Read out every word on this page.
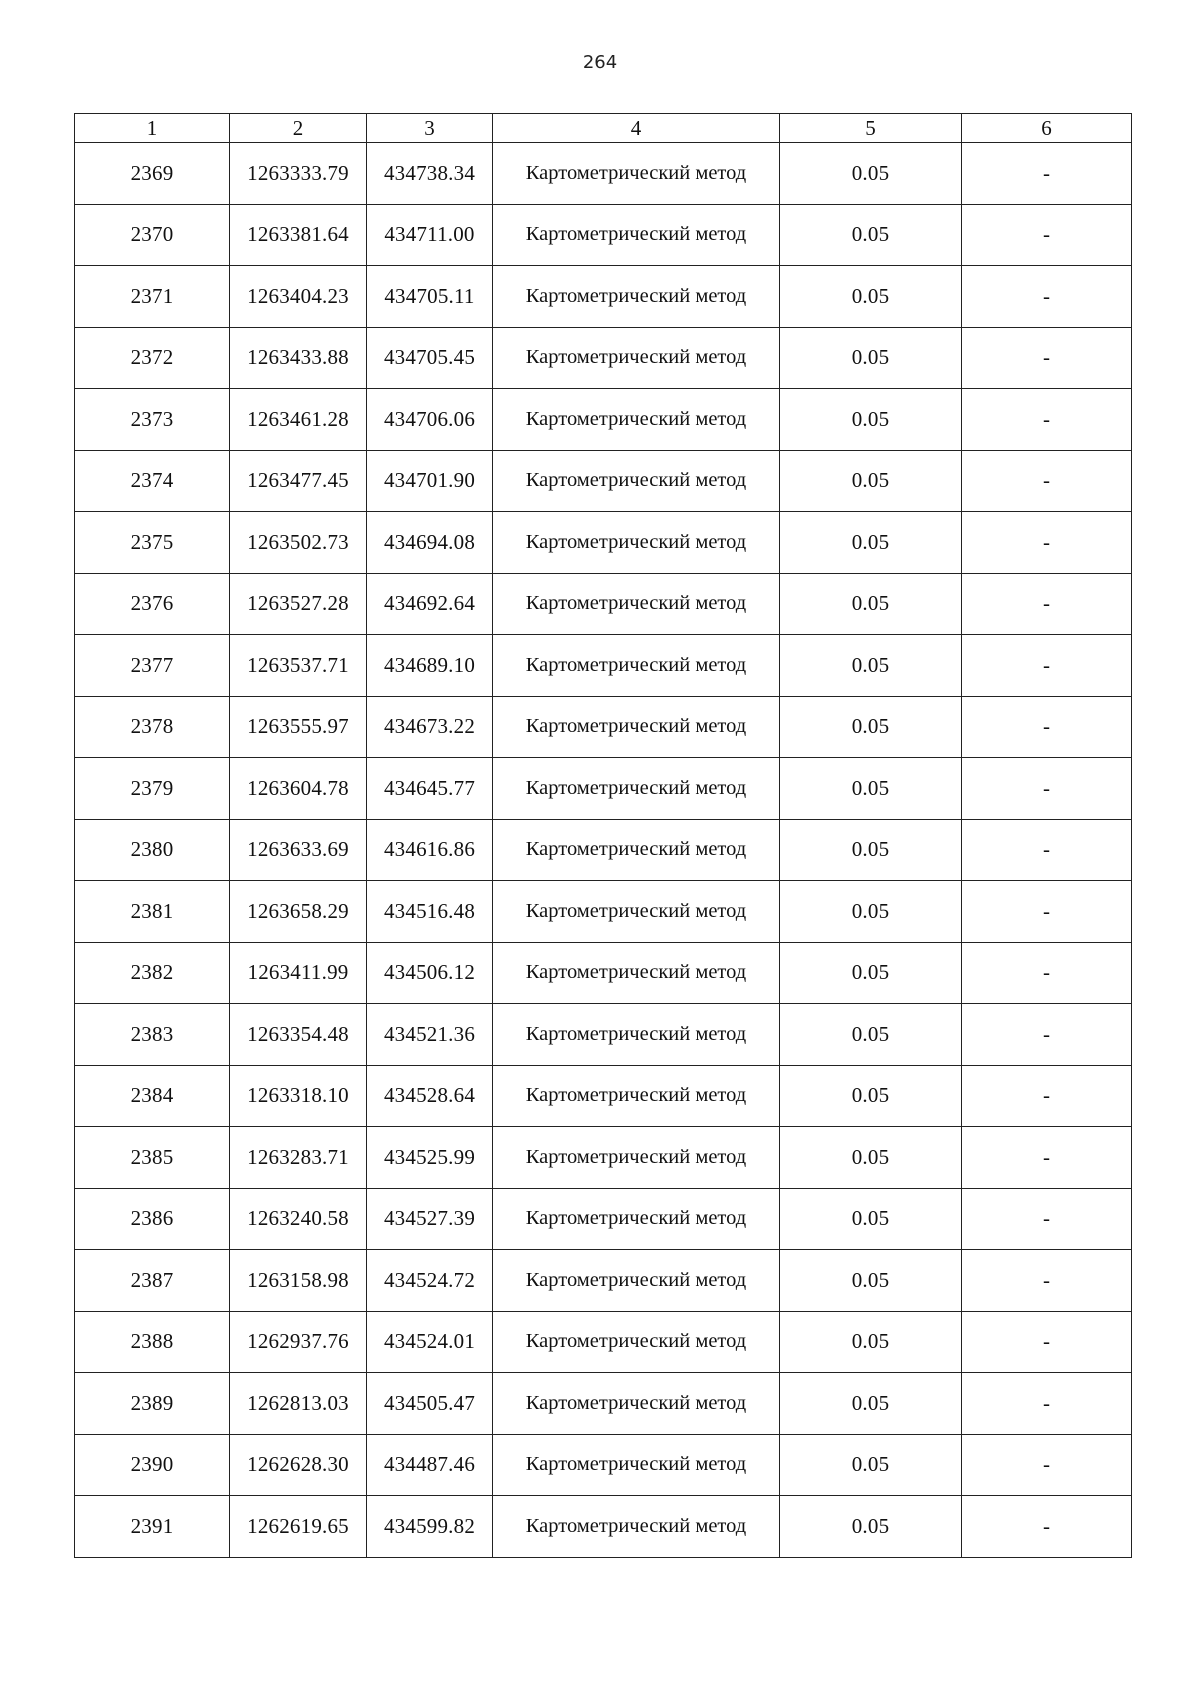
264
1	2	3	4	5	6
2369	1263333.79	434738.34	Картометрический метод	0.05	-
2370	1263381.64	434711.00	Картометрический метод	0.05	-
2371	1263404.23	434705.11	Картометрический метод	0.05	-
2372	1263433.88	434705.45	Картометрический метод	0.05	-
2373	1263461.28	434706.06	Картометрический метод	0.05	-
2374	1263477.45	434701.90	Картометрический метод	0.05	-
2375	1263502.73	434694.08	Картометрический метод	0.05	-
2376	1263527.28	434692.64	Картометрический метод	0.05	-
2377	1263537.71	434689.10	Картометрический метод	0.05	-
2378	1263555.97	434673.22	Картометрический метод	0.05	-
2379	1263604.78	434645.77	Картометрический метод	0.05	-
2380	1263633.69	434616.86	Картометрический метод	0.05	-
2381	1263658.29	434516.48	Картометрический метод	0.05	-
2382	1263411.99	434506.12	Картометрический метод	0.05	-
2383	1263354.48	434521.36	Картометрический метод	0.05	-
2384	1263318.10	434528.64	Картометрический метод	0.05	-
2385	1263283.71	434525.99	Картометрический метод	0.05	-
2386	1263240.58	434527.39	Картометрический метод	0.05	-
2387	1263158.98	434524.72	Картометрический метод	0.05	-
2388	1262937.76	434524.01	Картометрический метод	0.05	-
2389	1262813.03	434505.47	Картометрический метод	0.05	-
2390	1262628.30	434487.46	Картометрический метод	0.05	-
2391	1262619.65	434599.82	Картометрический метод	0.05	-
